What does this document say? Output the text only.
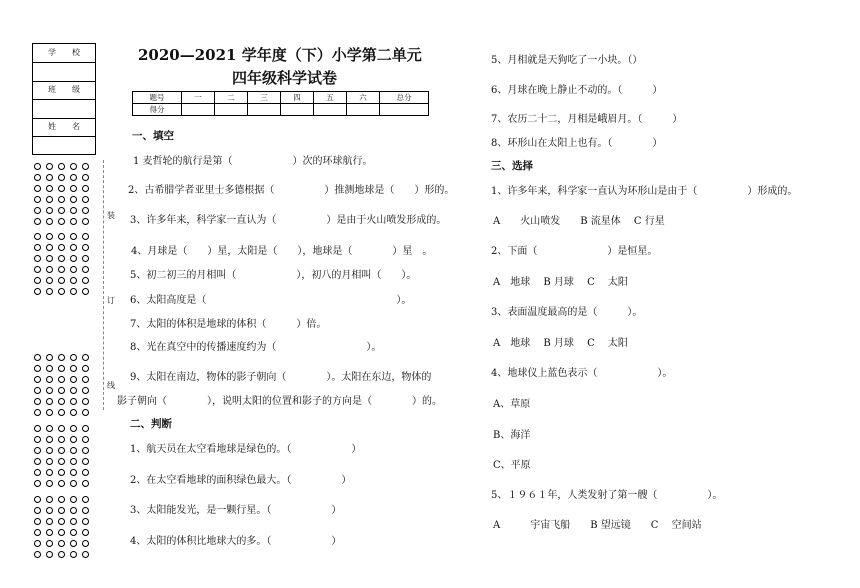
学　　校
班　　级
姓　　名
装
订
线
2020—2021 学年度（下）小学第二单元
四年级科学试卷
题号	一	二	三	四	五	六	总分
得分							
一、填空
1 麦哲轮的航行是第（　　　　　　）次的环球航行。
2、古希腊学者亚里士多德根据（　　　　　）推测地球是（　　）形的。
3、许多年来，科学家一直认为（　　　　　）是由于火山喷发形成的。
4、月球是（　　）星，太阳是（　　），地球是（　　　　）星　。
5、初二初三的月相叫（　　　　　　），初八的月相叫（　　）。
6、太阳高度是（　　　　　　　　　　　　　　　　　　　）。
7、太阳的体积是地球的体积（　　　）倍。
8、光在真空中的传播速度约为（　　　　　　　　　）。
9、太阳在南边，物体的影子朝向（　　　　）。太阳在东边，物体的
影子朝向（　　　　），说明太阳的位置和影子的方向是（　　　　）的。
二、判断
1、航天员在太空看地球是绿色的。（　　　　　　）
2、在太空看地球的面积绿色最大。（　　　　　）
3、太阳能发光，是一颗行星。（　　　　　　）
4、太阳的体积比地球大的多。（　　　　　　）
5、月相就是天狗吃了一小块。（）
6、月球在晚上静止不动的。（　　　）
7、农历二十二，月相是峨眉月。（　　　）
8、环形山在太阳上也有。（　　　　）
三、选择
1、许多年来，科学家一直认为环形山是由于（　　　　　）形成的。
A　　火山喷发　　B 流星体　 C 行星
2、下面（　　　　　　　）是恒星。
A　地球　 B 月球　 C　 太阳
3、表面温度最高的是（　　　）。
A　地球　 B 月球　 C　 太阳
4、地球仪上蓝色表示（　　　　　　）。
A、草原
B、海洋
C、平原
5、１９６１年，人类发射了第一艘（　　　　　）。
A　　　宇宙飞船　　B 望远镜　　C　 空间站
